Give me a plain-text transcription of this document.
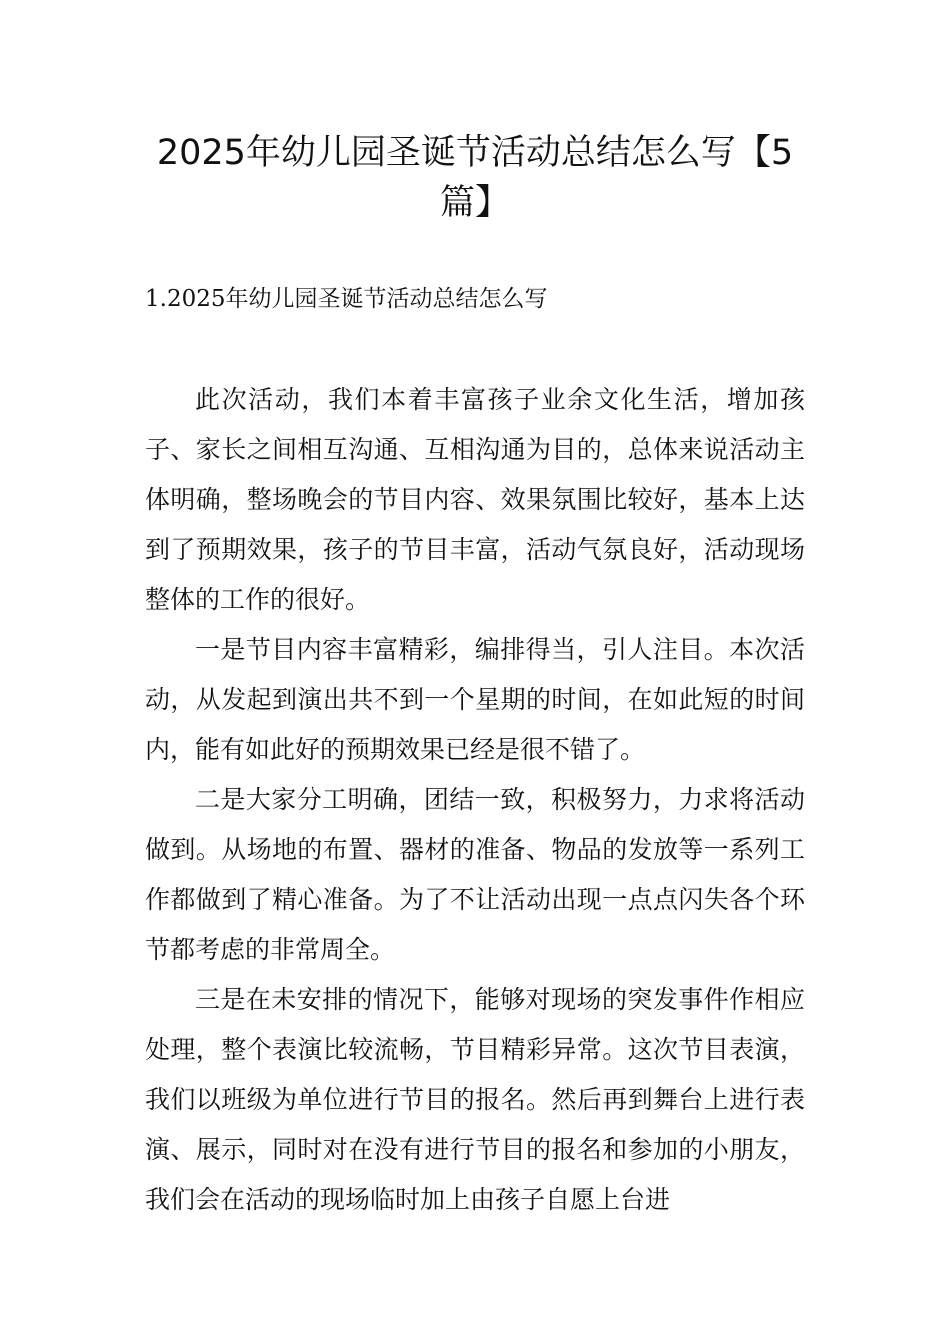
2025年幼儿园圣诞节活动总结怎么写【5篇】
1.2025年幼儿园圣诞节活动总结怎么写

此次活动，我们本着丰富孩子业余文化生活，增加孩子、家长之间相互沟通、互相沟通为目的，总体来说活动主体明确，整场晚会的节目内容、效果氛围比较好，基本上达到了预期效果，孩子的节目丰富，活动气氛良好，活动现场整体的工作的很好。

一是节目内容丰富精彩，编排得当，引人注目。本次活动，从发起到演出共不到一个星期的时间，在如此短的时间内，能有如此好的预期效果已经是很不错了。

二是大家分工明确，团结一致，积极努力，力求将活动做到。从场地的布置、器材的准备、物品的发放等一系列工作都做到了精心准备。为了不让活动出现一点点闪失各个环节都考虑的非常周全。

三是在未安排的情况下，能够对现场的突发事件作相应处理，整个表演比较流畅，节目精彩异常。这次节目表演，我们以班级为单位进行节目的报名。然后再到舞台上进行表演、展示，同时对在没有进行节目的报名和参加的小朋友，我们会在活动的现场临时加上由孩子自愿上台进
